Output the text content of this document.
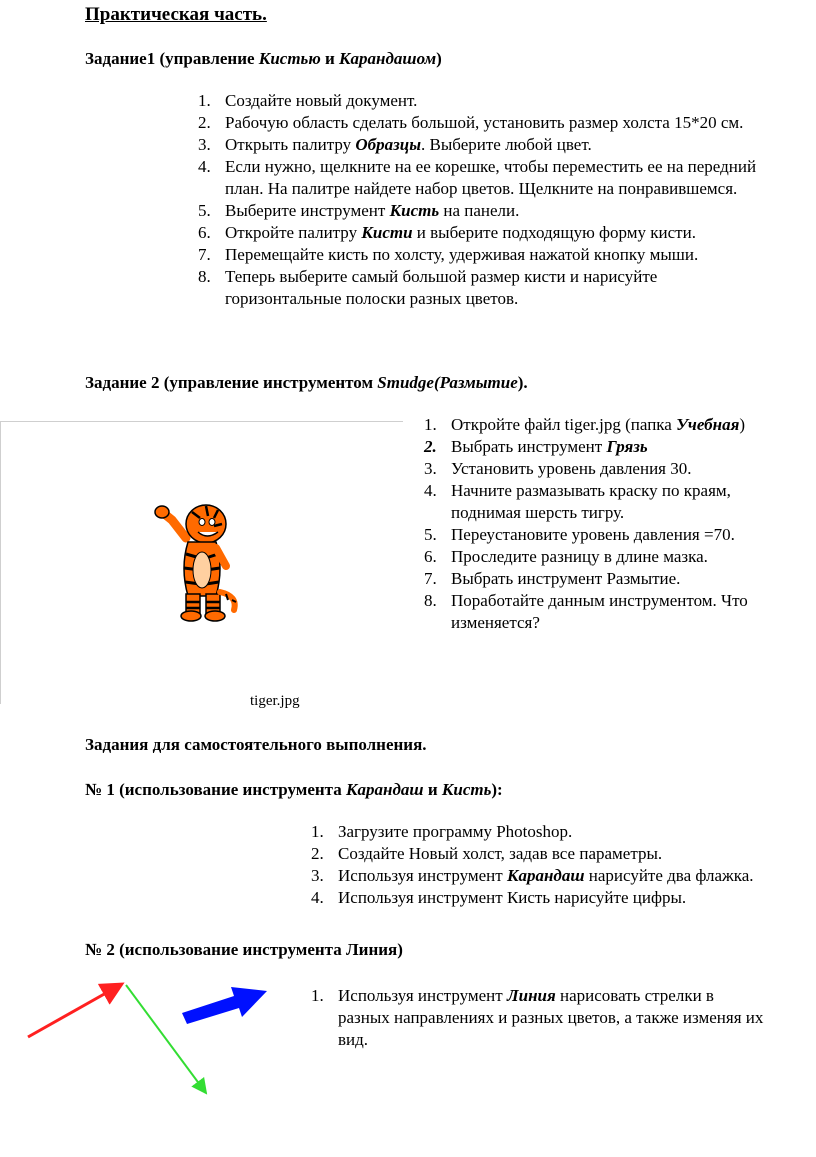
Практическая часть.
Задание1 (управление Кистью и Карандашом)
1. Создайте новый документ.
2. Рабочую область сделать большой, установить размер холста 15*20 см.
3. Открыть палитру Образцы. Выберите любой цвет.
4. Если нужно, щелкните на ее корешке, чтобы переместить ее на передний
план. На палитре найдете набор цветов. Щелкните на понравившемся.
5. Выберите инструмент Кисть на панели.
6. Откройте палитру Кисти и выберите подходящую форму кисти.
7. Перемещайте кисть по холсту, удерживая нажатой кнопку мыши.
8. Теперь выберите самый большой размер кисти и нарисуйте
горизонтальные полоски разных цветов.
Задание 2 (управление инструментом Smudge(Размытие).
tiger.jpg
1. Откройте файл tiger.jpg (папка Учебная)
2. Выбрать инструмент Грязь
3. Установить уровень давления 30.
4. Начните размазывать краску по краям,
поднимая шерсть тигру.
5. Переустановите уровень давления =70.
6. Проследите разницу в длине мазка.
7. Выбрать инструмент Размытие.
8. Поработайте данным инструментом. Что
изменяется?
Задания для самостоятельного выполнения.
№ 1 (использование инструмента Карандаш и Кисть):
1. Загрузите программу Photoshop.
2. Создайте Новый холст, задав все параметры.
3. Используя инструмент Карандаш нарисуйте два флажка.
4. Используя инструмент Кисть нарисуйте цифры.
№ 2 (использование инструмента Линия)
1. Используя инструмент Линия нарисовать стрелки в
разных направлениях и разных цветов, а также изменяя их
вид.
